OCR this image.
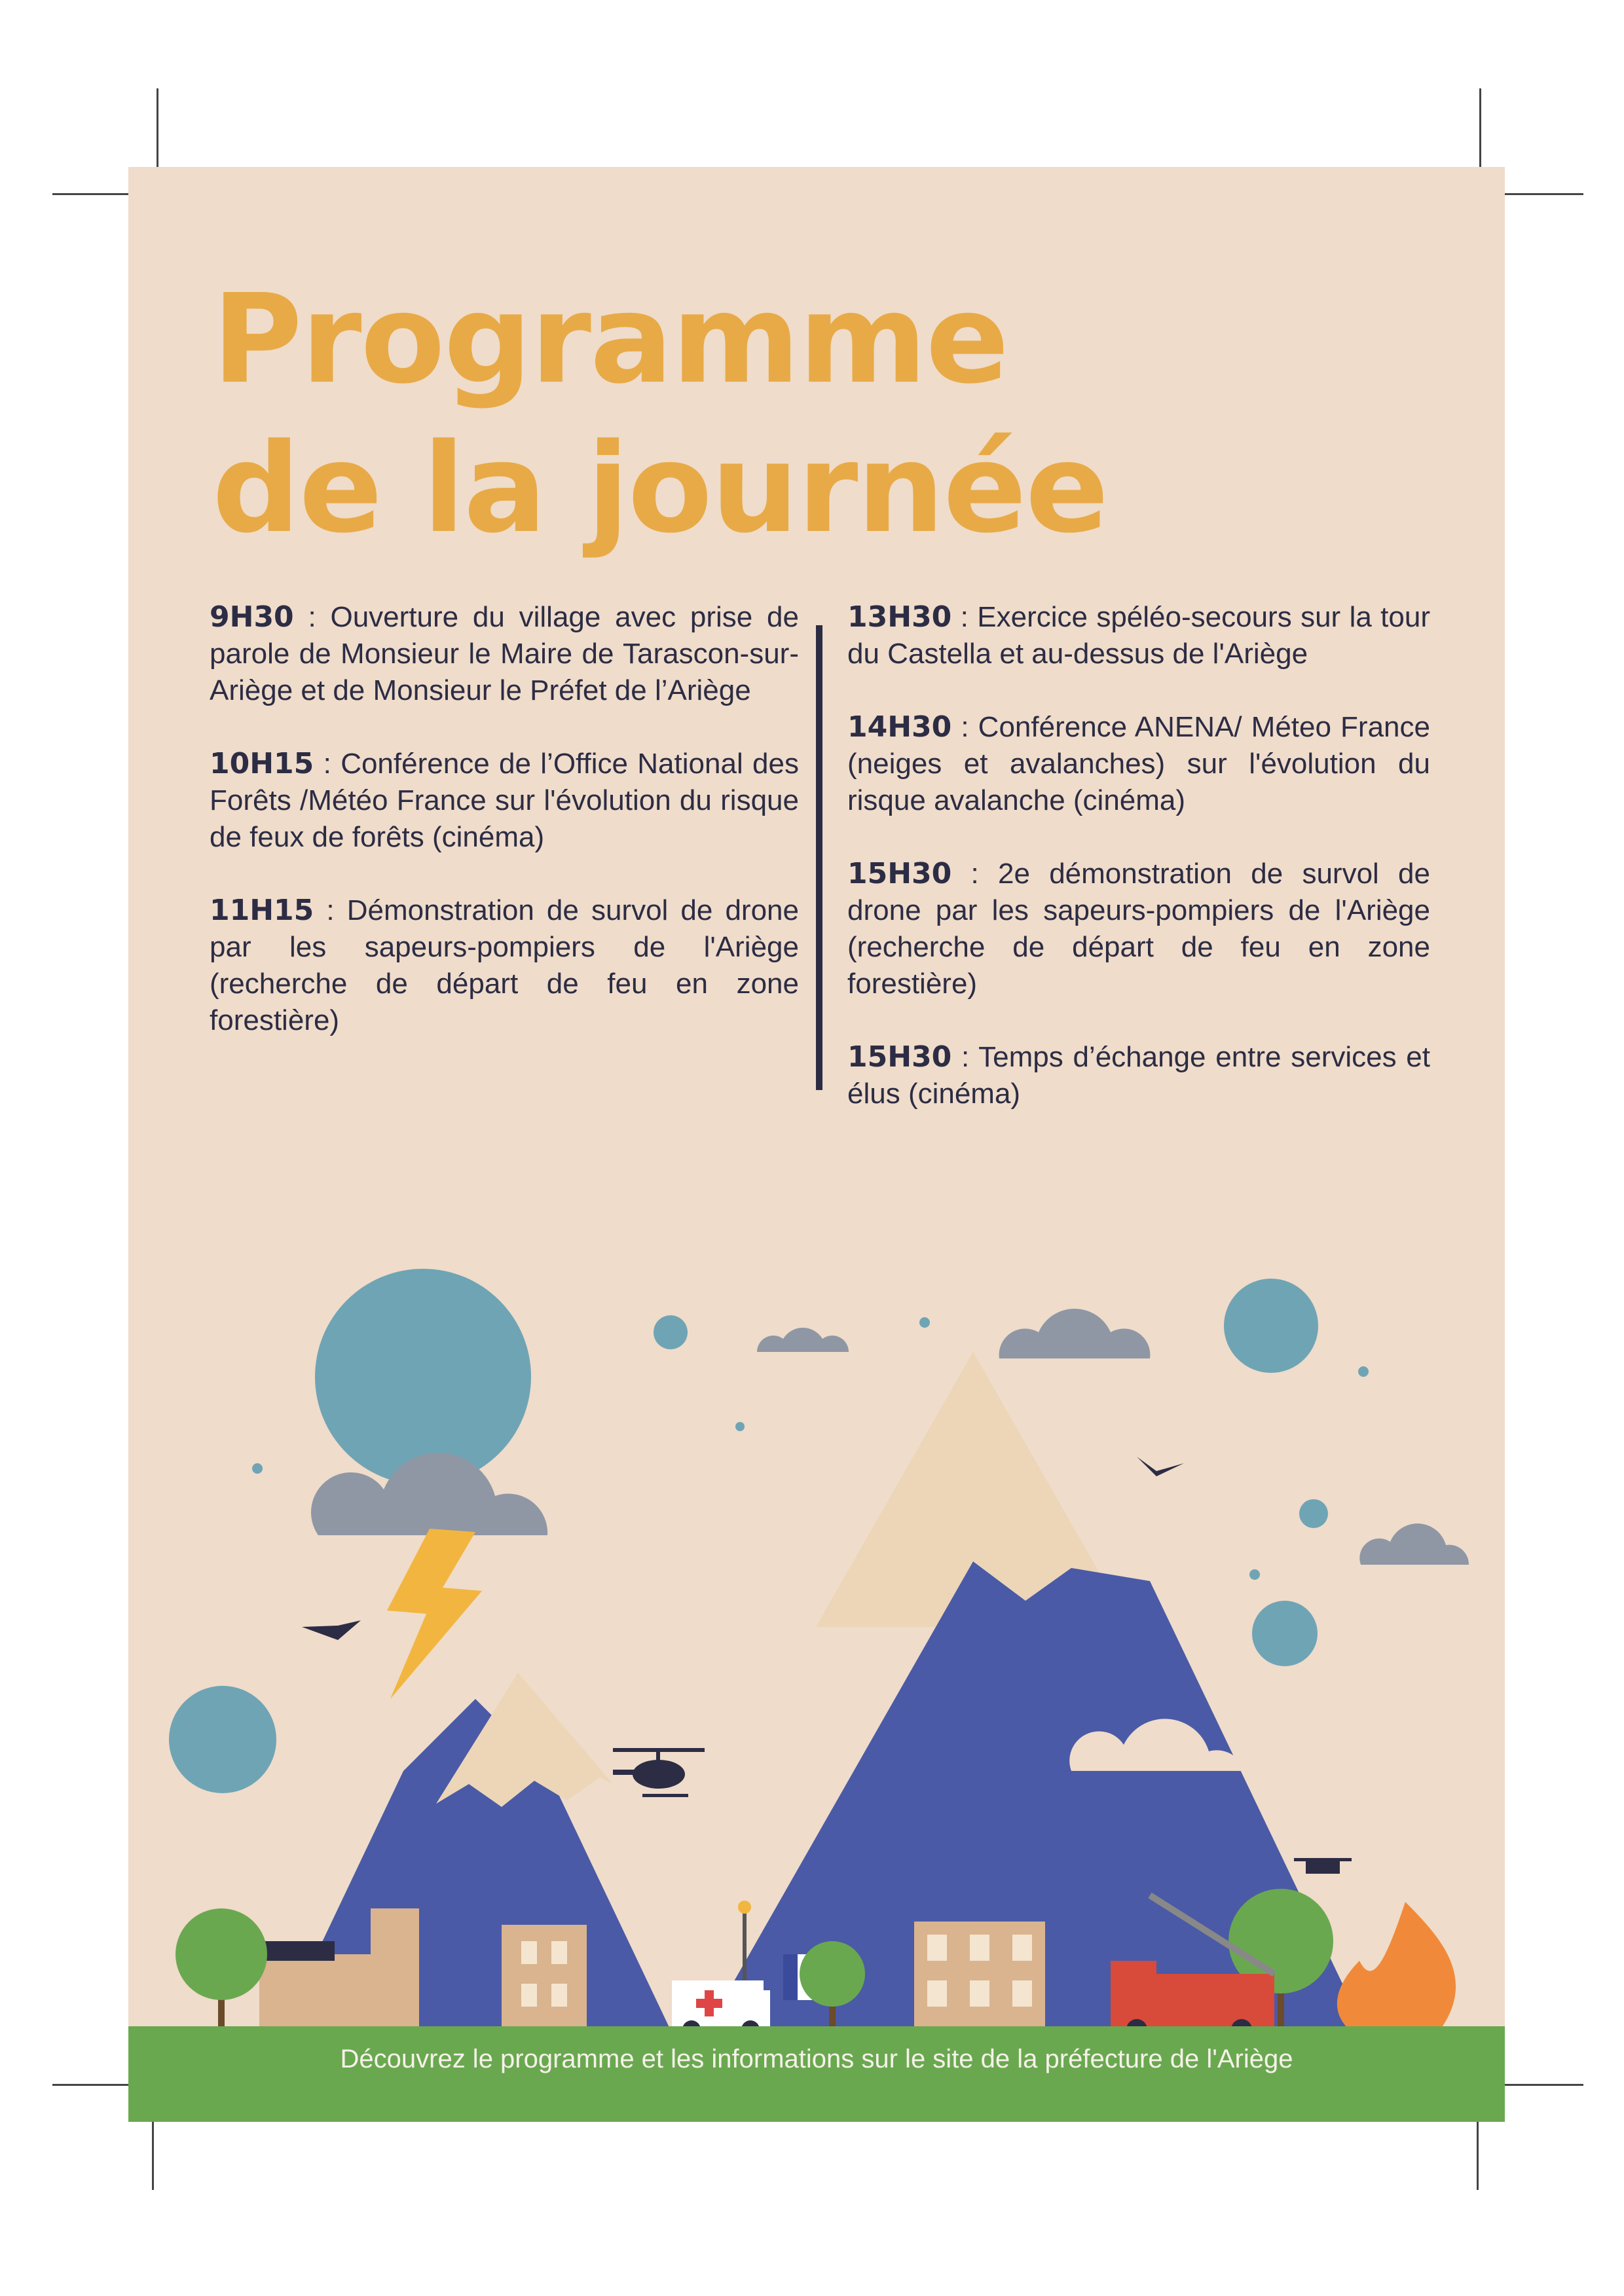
Programme
de la journée

9H30 : Ouverture du village avec prise de parole de Monsieur le Maire de Tarascon-sur-Ariège et de Monsieur le Préfet de l’Ariège

10H15 : Conférence de l’Office National des Forêts /Météo France sur l'évolution du risque de feux de forêts (cinéma)

11H15 : Démonstration de survol de drone par les sapeurs-pompiers de l'Ariège (recherche de départ de feu en zone forestière)

13H30 : Exercice spéléo-secours sur la tour du Castella et au-dessus de l'Ariège

14H30 : Conférence ANENA/ Méteo France (neiges et avalanches) sur l'évolution du risque avalanche (cinéma)

15H30 : 2e démonstration de survol de drone par les sapeurs-pompiers de l'Ariège (recherche de départ de feu en zone forestière)

15H30 : Temps d’échange entre services et élus (cinéma)

Découvrez le programme et les informations sur le site de la préfecture de l'Ariège
